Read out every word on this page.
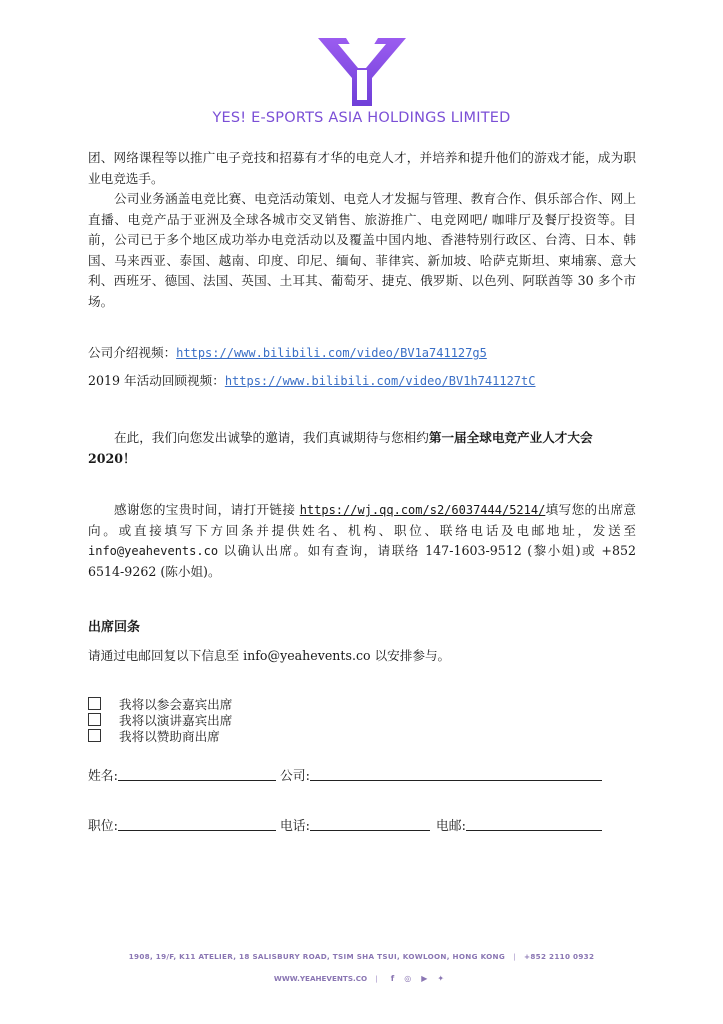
YES! E-SPORTS ASIA HOLDINGS LIMITED

团、网络课程等以推广电子竞技和招募有才华的电竞人才，并培养和提升他们的游戏才能，成为职业电竞选手。

公司业务涵盖电竞比赛、电竞活动策划、电竞人才发掘与管理、教育合作、俱乐部合作、网上直播、电竞产品于亚洲及全球各城市交叉销售、旅游推广、电竞网吧/ 咖啡厅及餐厅投资等。目前，公司已于多个地区成功举办电竞活动以及覆盖中国内地、香港特别行政区、台湾、日本、韩国、马来西亚、泰国、越南、印度、印尼、缅甸、菲律宾、新加坡、哈萨克斯坦、柬埔寨、意大利、西班牙、德国、法国、英国、土耳其、葡萄牙、捷克、俄罗斯、以色列、阿联酋等 30 多个市场。

公司介绍视频：https://www.bilibili.com/video/BV1a741127g5

2019 年活动回顾视频：https://www.bilibili.com/video/BV1h741127tC

在此，我们向您发出诚挚的邀请，我们真诚期待与您相约第一届全球电竞产业人才大会 2020！

感谢您的宝贵时间，请打开链接 https://wj.qq.com/s2/6037444/5214/填写您的出席意向。或直接填写下方回条并提供姓名、机构、职位、联络电话及电邮地址，发送至 info@yeahevents.co 以确认出席。如有查询，请联络 147-1603-9512 (黎小姐)或 +852 6514-9262 (陈小姐)。

出席回条

请通过电邮回复以下信息至 info@yeahevents.co 以安排参与。

我将以参会嘉宾出席
我将以演讲嘉宾出席
我将以赞助商出席
姓名:	公司:
职位:	电话:	电邮:
1908, 19/F, K11 ATELIER, 18 SALISBURY ROAD, TSIM SHA TSUI, KOWLOON, HONG KONG | +852 2110 0932
WWW.YEAHEVENTS.CO | f ◎ ▶ ✦
